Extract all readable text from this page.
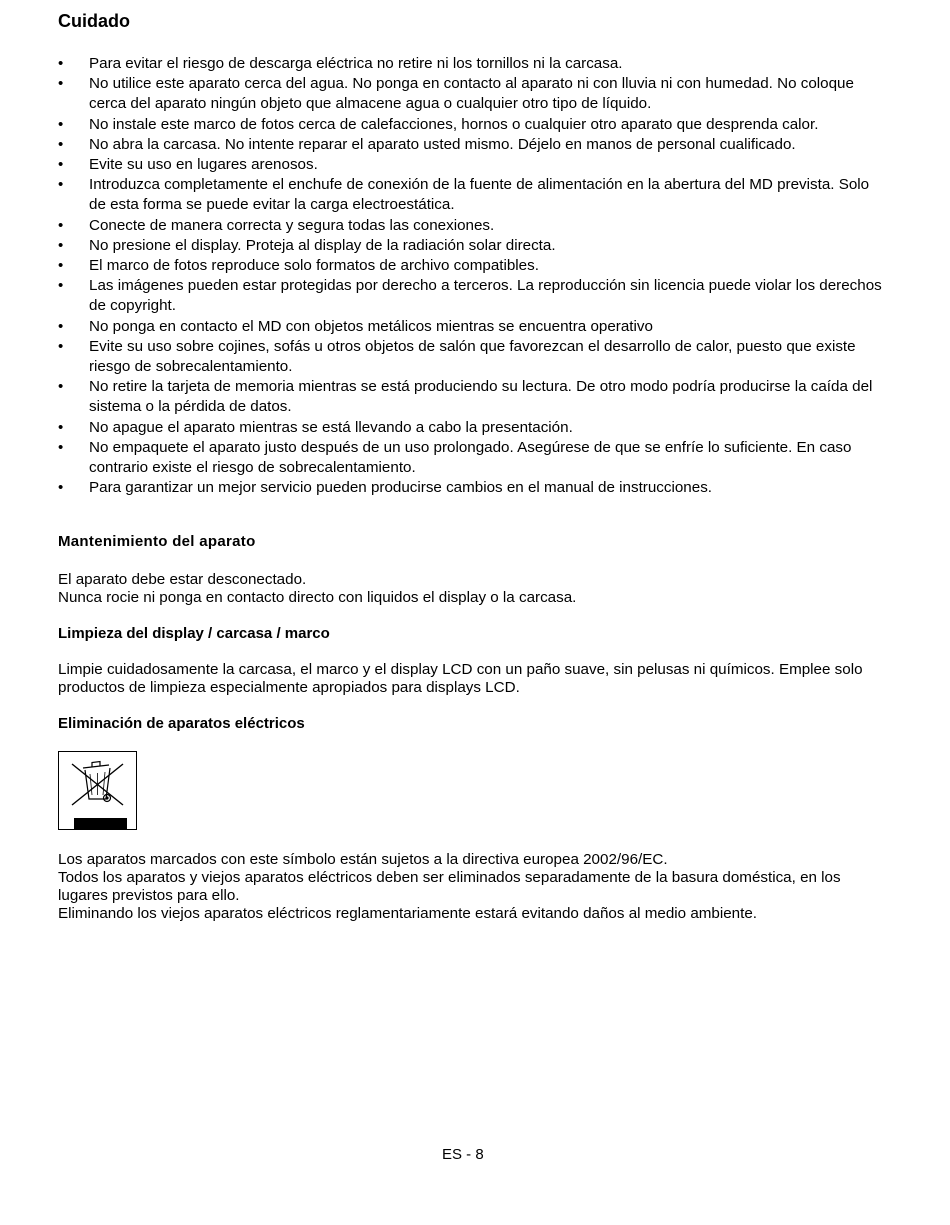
Cuidado
• Para evitar el riesgo de descarga eléctrica no retire ni los tornillos ni la carcasa.
• No utilice este aparato cerca del agua. No ponga en contacto al aparato ni con lluvia ni con humedad. No coloque cerca del aparato ningún objeto que almacene agua o cualquier otro tipo de líquido.
• No instale este marco de fotos cerca de calefacciones, hornos o cualquier otro aparato que desprenda calor.
• No abra la carcasa. No intente reparar el aparato usted mismo. Déjelo en manos de personal cualificado.
• Evite su uso en lugares arenosos.
• Introduzca completamente el enchufe de conexión de la fuente de alimentación en la abertura del MD prevista. Solo de esta forma se puede evitar la carga electroestática.
• Conecte de manera correcta y segura todas las conexiones.
• No presione el display. Proteja al display de la radiación solar directa.
• El marco de fotos reproduce solo formatos de archivo compatibles.
• Las imágenes pueden estar protegidas por derecho a terceros. La reproducción sin licencia puede violar los derechos de copyright.
• No ponga en contacto el MD con objetos metálicos mientras se encuentra operativo
• Evite su uso sobre cojines, sofás u otros objetos de salón que favorezcan el desarrollo de calor, puesto que existe riesgo de sobrecalentamiento.
• No retire la tarjeta de memoria mientras se está produciendo su lectura. De otro modo podría producirse la caída del sistema o la pérdida de datos.
• No apague el aparato mientras se está llevando a cabo la presentación.
• No empaquete el aparato justo después de un uso prolongado. Asegúrese de que se enfríe lo suficiente. En caso contrario existe el riesgo de sobrecalentamiento.
• Para garantizar un mejor servicio pueden producirse cambios en el manual de instrucciones.

Mantenimiento del aparato

El aparato debe estar desconectado.

Nunca rocie ni ponga en contacto directo con liquidos el display o la carcasa.

Limpieza del display / carcasa / marco

Limpie cuidadosamente la carcasa, el marco y el display LCD con un paño suave, sin pelusas ni químicos. Emplee solo productos de limpieza especialmente apropiados para displays LCD.

Eliminación de aparatos eléctricos

Los aparatos marcados con este símbolo están sujetos a la directiva europea 2002/96/EC.

Todos los aparatos y viejos aparatos eléctricos deben ser eliminados separadamente de la basura doméstica, en los lugares previstos para ello.

Eliminando los viejos aparatos eléctricos reglamentariamente estará evitando daños al medio ambiente.

ES - 8
